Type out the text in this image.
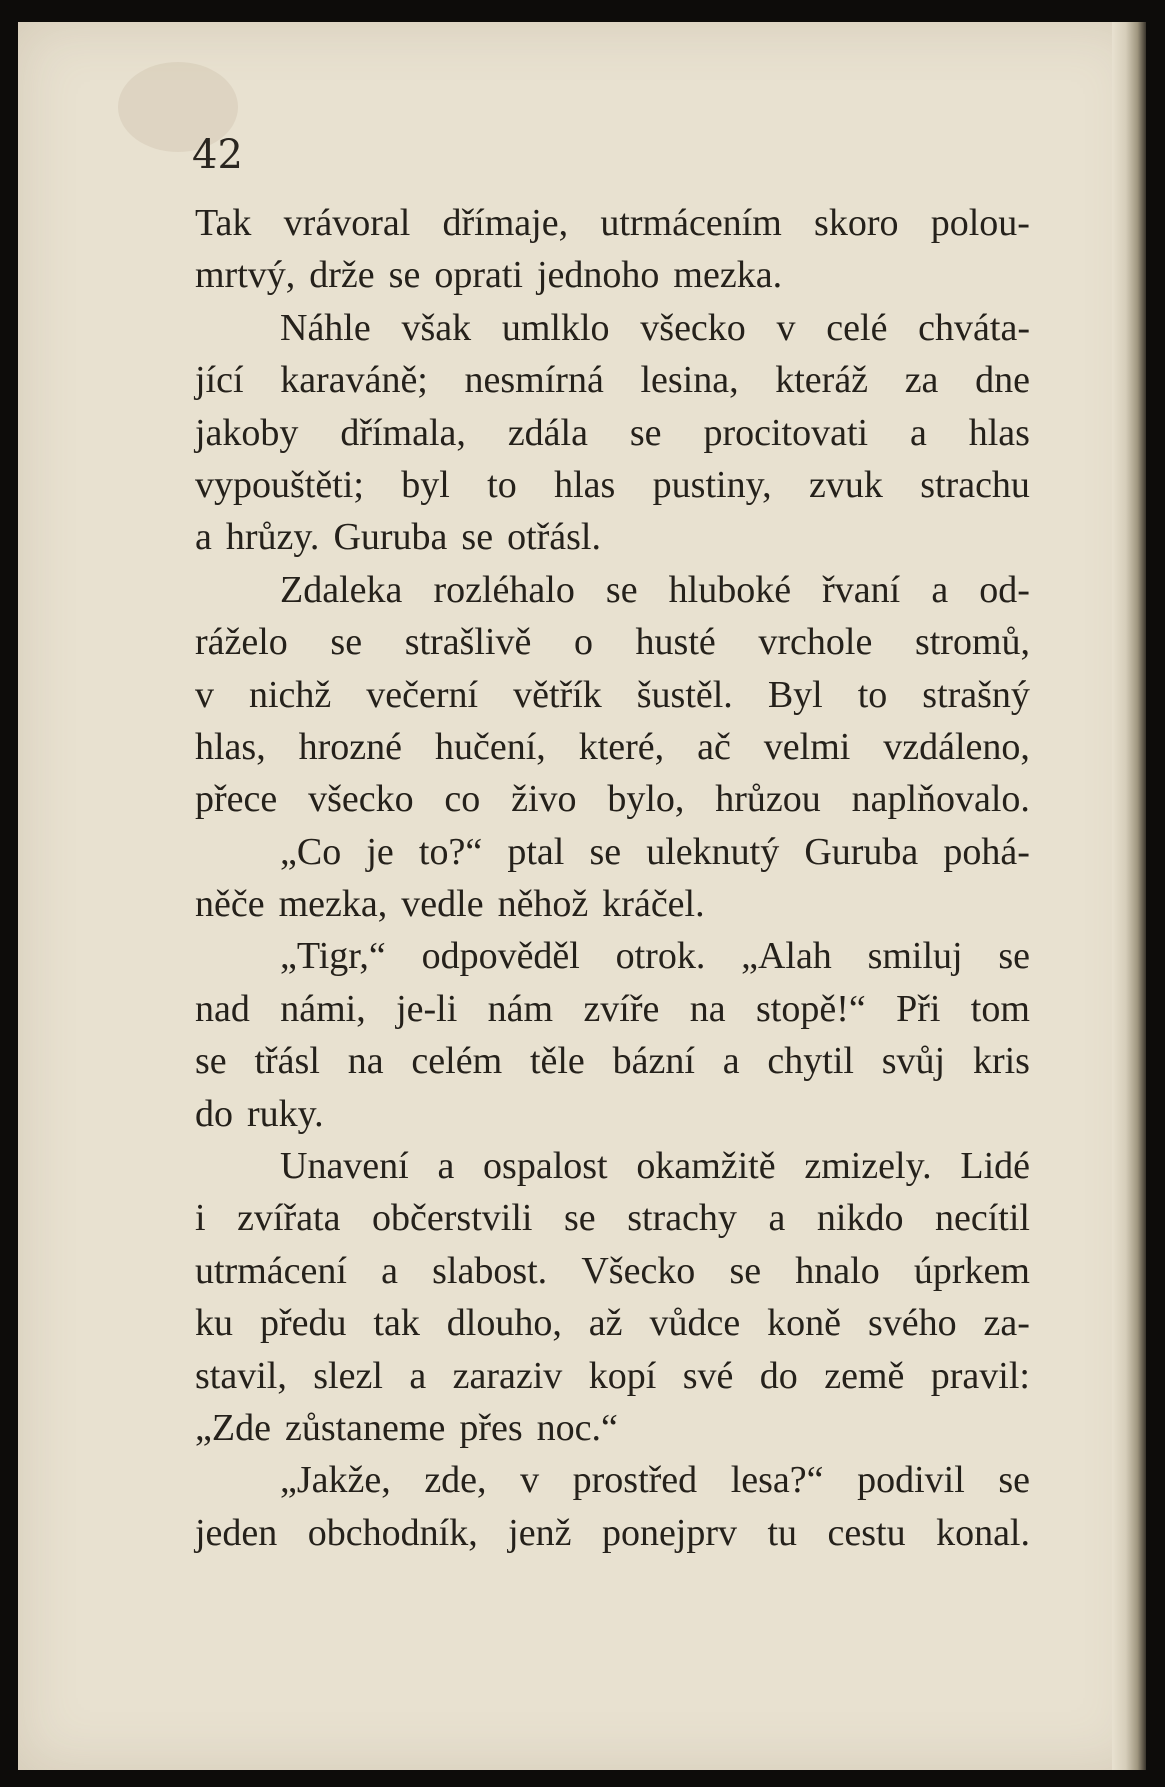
42

Tak vrávoral dřímaje, utrmácením skoro polou-
mrtvý, drže se oprati jednoho mezka.
Náhle však umlklo všecko v celé chváta-
jící karaváně; nesmírná lesina, kteráž za dne
jakoby dřímala, zdála se procitovati a hlas
vypouštěti; byl to hlas pustiny, zvuk strachu
a hrůzy. Guruba se otřásl.
Zdaleka rozléhalo se hluboké řvaní a od-
ráželo se strašlivě o husté vrchole stromů,
v nichž večerní větřík šustěl. Byl to strašný
hlas, hrozné hučení, které, ač velmi vzdáleno,
přece všecko co živo bylo, hrůzou naplňovalo.
„Co je to?“ ptal se uleknutý Guruba pohá-
něče mezka, vedle něhož kráčel.
„Tigr,“ odpověděl otrok. „Alah smiluj se
nad námi, je-li nám zvíře na stopě!“ Při tom
se třásl na celém těle bázní a chytil svůj kris
do ruky.
Unavení a ospalost okamžitě zmizely. Lidé
i zvířata občerstvili se strachy a nikdo necítil
utrmácení a slabost. Všecko se hnalo úprkem
ku předu tak dlouho, až vůdce koně svého za-
stavil, slezl a zaraziv kopí své do země pravil:
„Zde zůstaneme přes noc.“
„Jakže, zde, v prostřed lesa?“ podivil se
jeden obchodník, jenž ponejprv tu cestu konal.
